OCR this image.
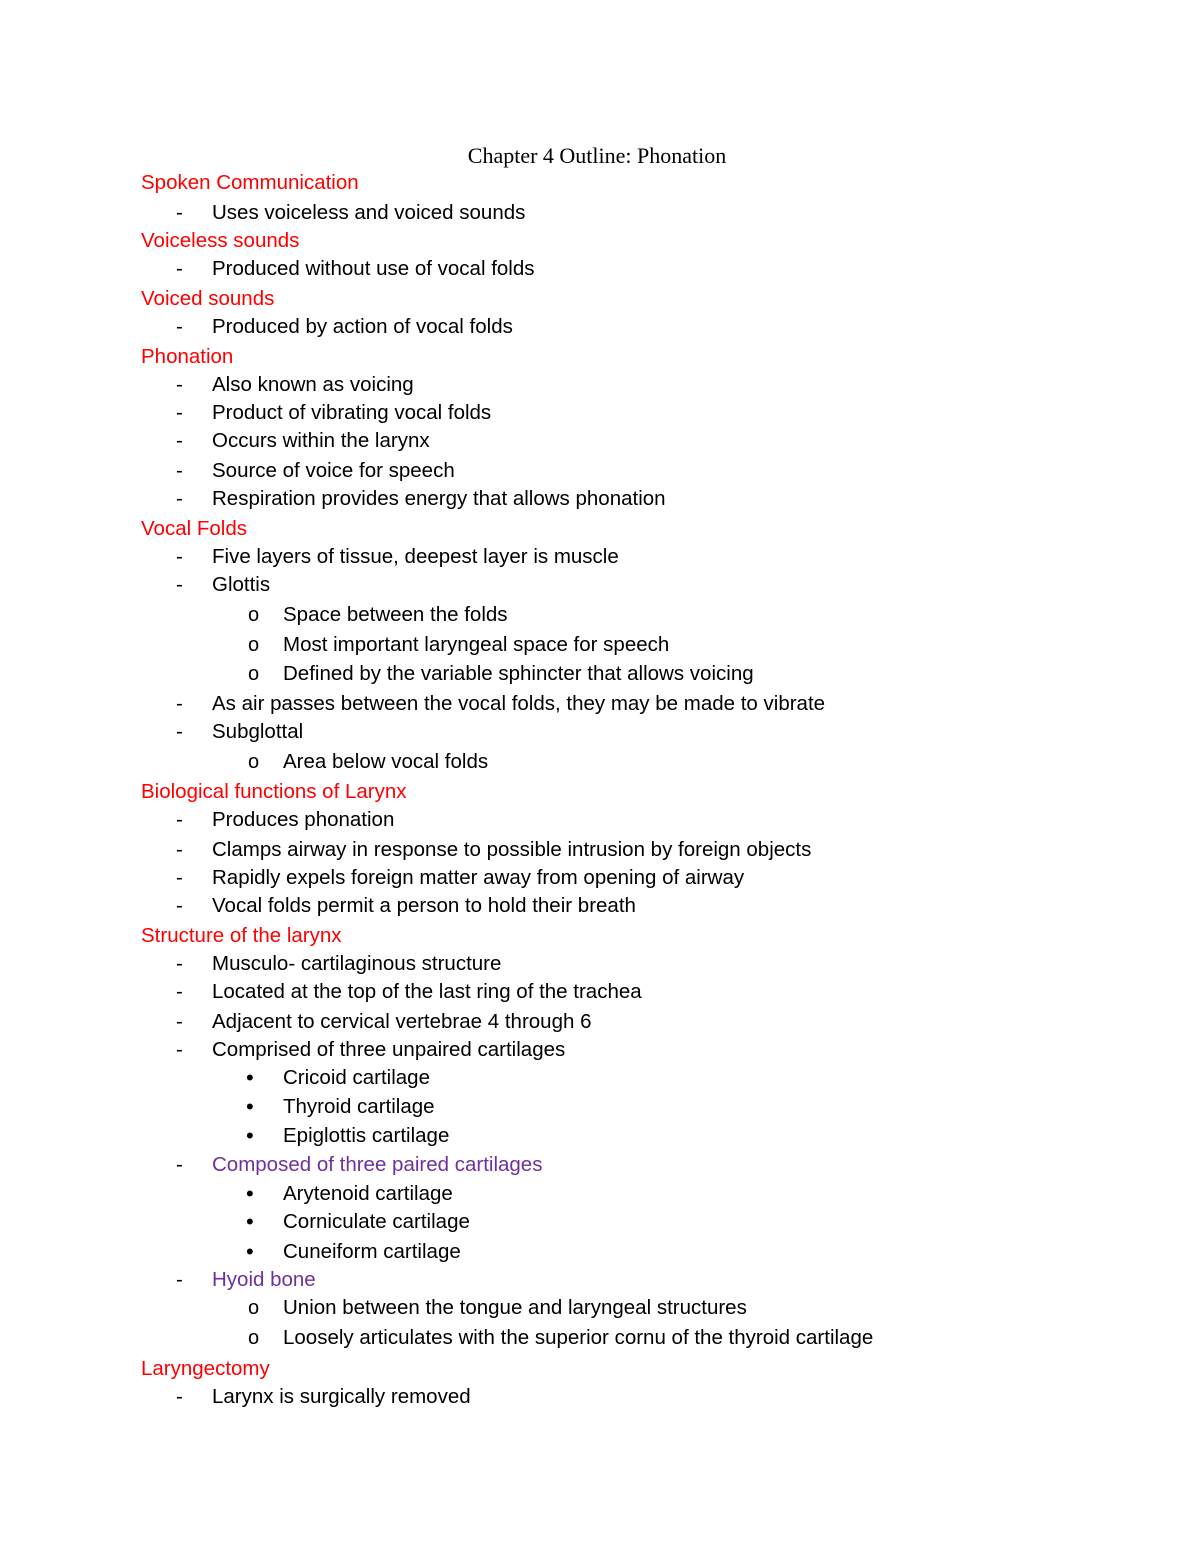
Chapter 4 Outline: Phonation
Spoken Communication
-	Uses voiceless and voiced sounds
Voiceless sounds
-	Produced without use of vocal folds
Voiced sounds
-	Produced by action of vocal folds
Phonation
-	Also known as voicing
-	Product of vibrating vocal folds
-	Occurs within the larynx
-	Source of voice for speech
-	Respiration provides energy that allows phonation
Vocal Folds
-	Five layers of tissue, deepest layer is muscle
-	Glottis
o	Space between the folds
o	Most important laryngeal space for speech
o	Defined by the variable sphincter that allows voicing
-	As air passes between the vocal folds, they may be made to vibrate
-	Subglottal
o	Area below vocal folds
Biological functions of Larynx
-	Produces phonation
-	Clamps airway in response to possible intrusion by foreign objects
-	Rapidly expels foreign matter away from opening of airway
-	Vocal folds permit a person to hold their breath
Structure of the larynx
-	Musculo- cartilaginous structure
-	Located at the top of the last ring of the trachea
-	Adjacent to cervical vertebrae 4 through 6
-	Comprised of three unpaired cartilages
•	Cricoid cartilage
•	Thyroid cartilage
•	Epiglottis cartilage
-	Composed of three paired cartilages
•	Arytenoid cartilage
•	Corniculate cartilage
•	Cuneiform cartilage
-	Hyoid bone
o	Union between the tongue and laryngeal structures
o	Loosely articulates with the superior cornu of the thyroid cartilage
Laryngectomy
-	Larynx is surgically removed
